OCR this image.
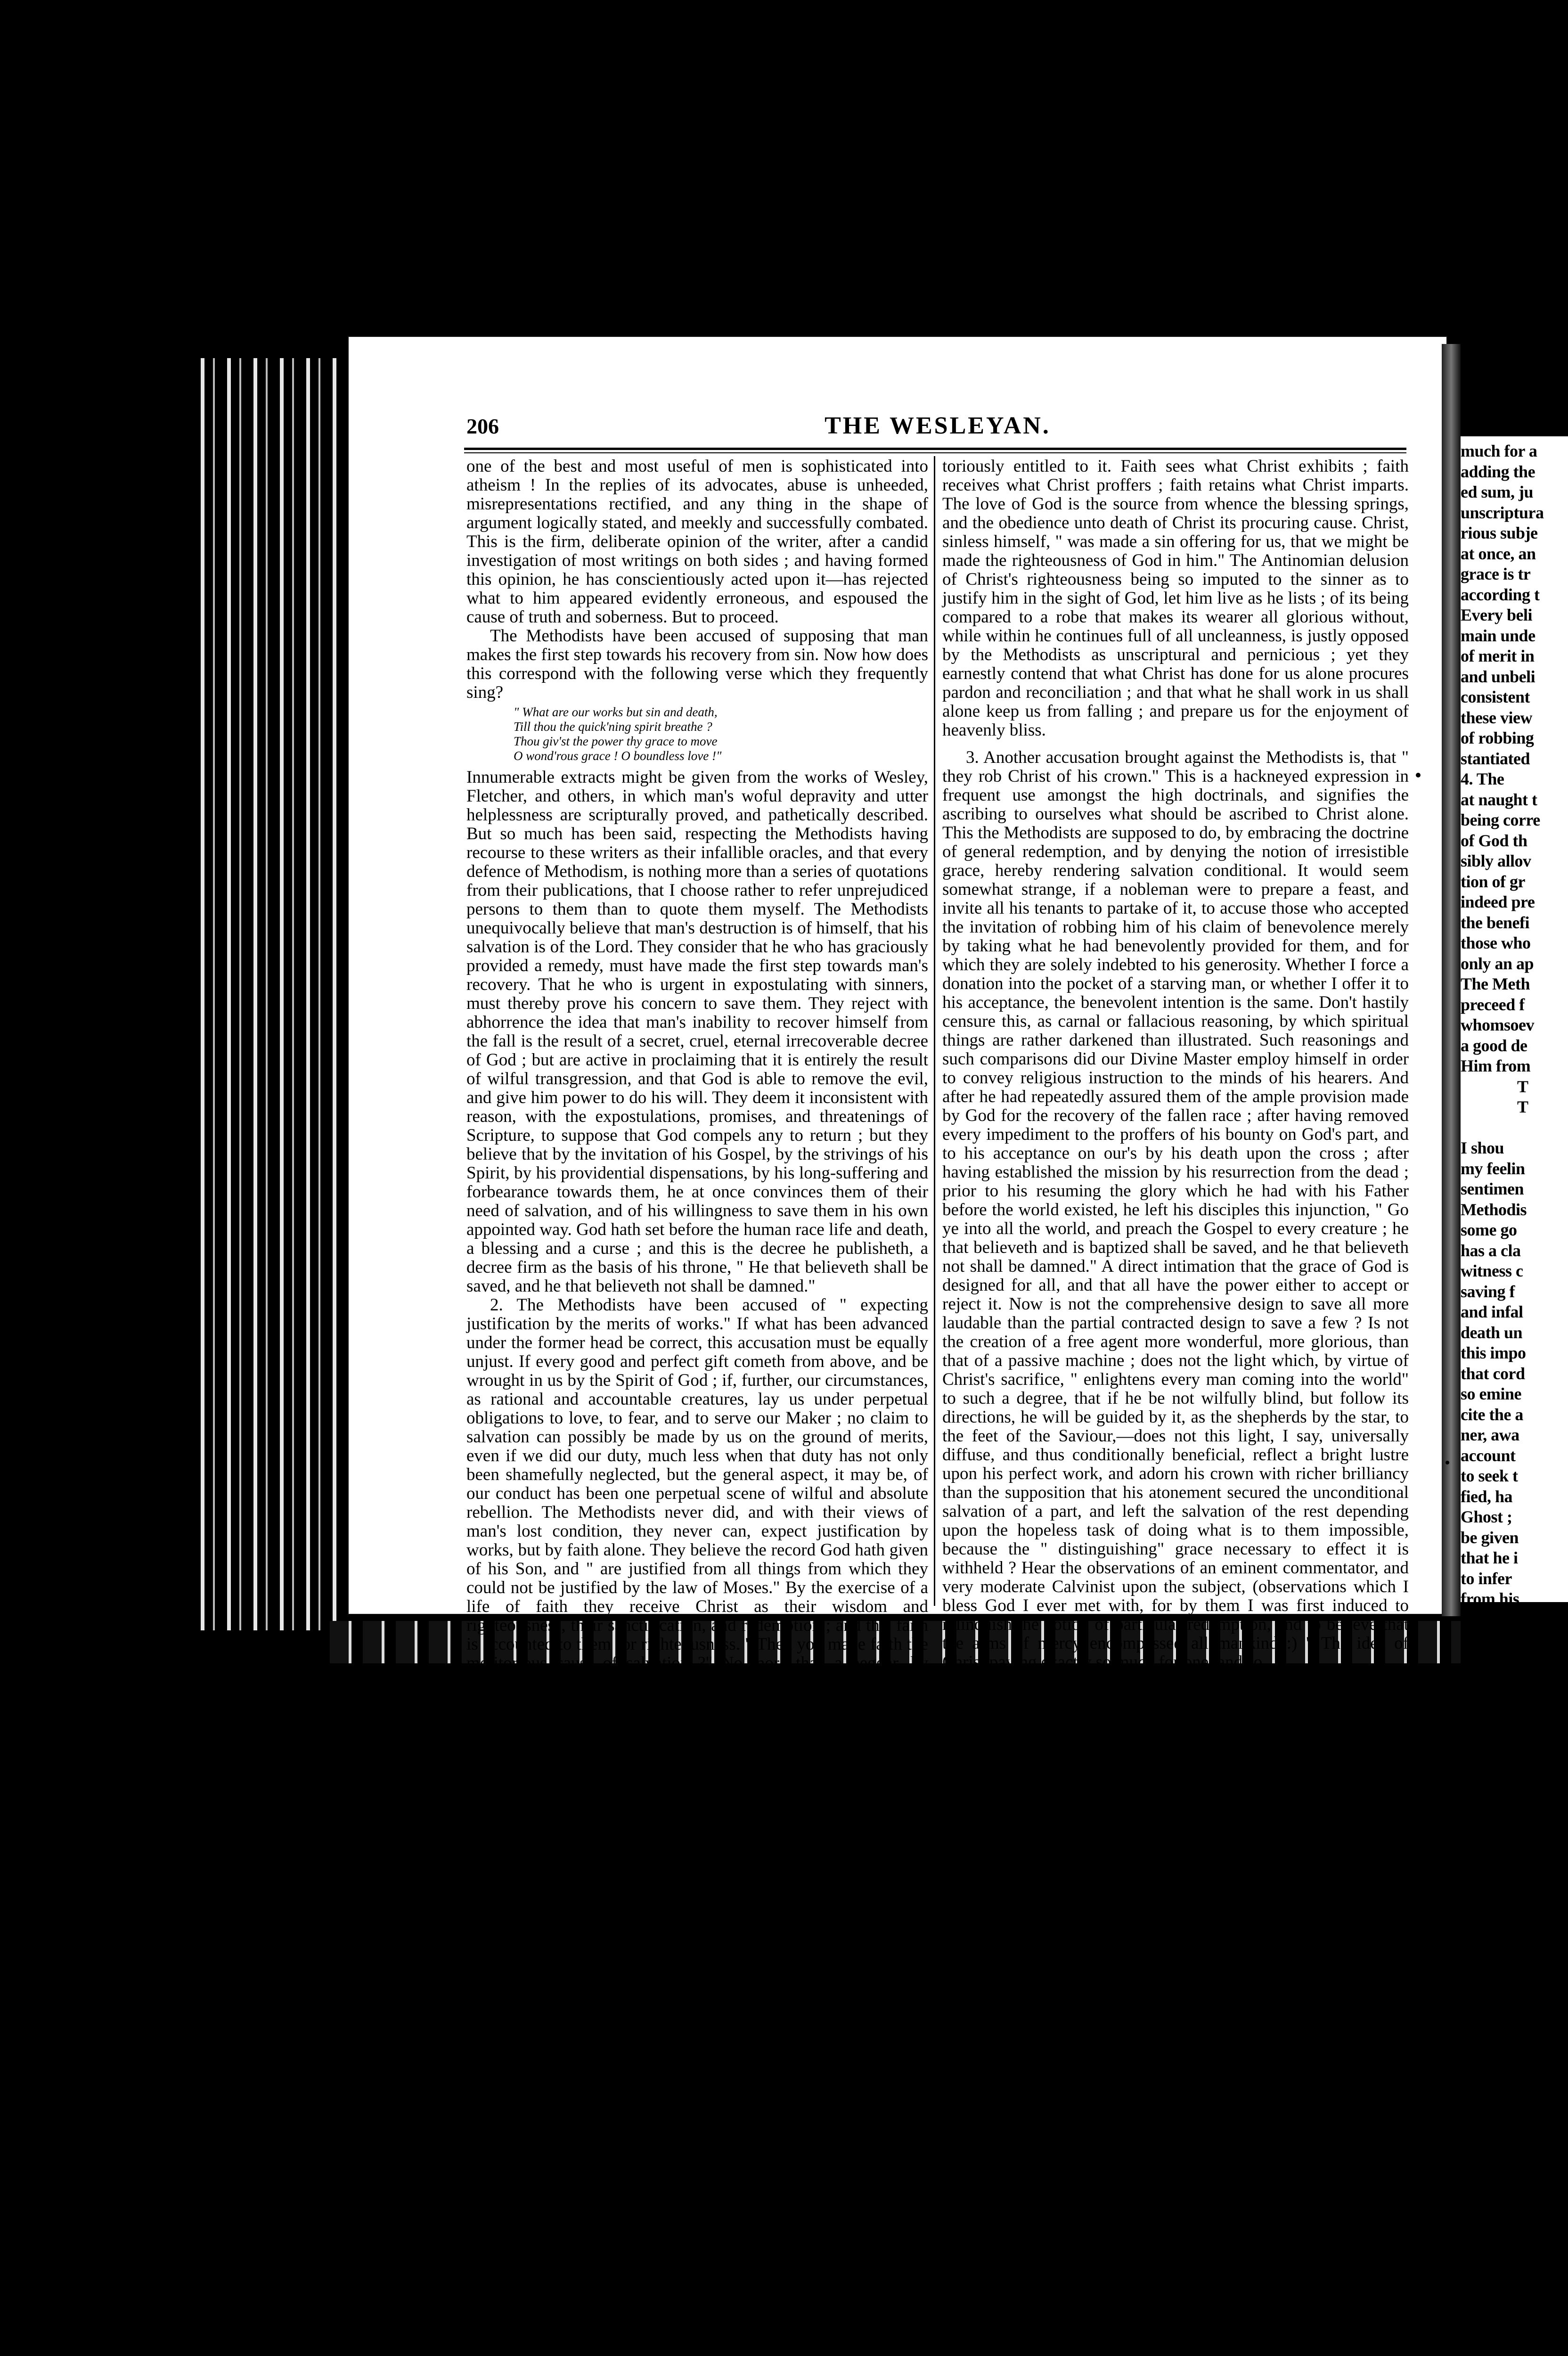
much for a
adding the
ed sum, ju
unscriptura
rious subje
at once, an
grace is tr
according t
Every beli
main unde
of merit in
and unbeli
consistent
these view
of robbing
stantiated
4. The
at naught t
being corre
of God th
sibly allov
tion of gr
indeed pre
the benefi
those who
only an ap
The Meth
preceed f
whomsoev
a good de
Him from
T
T

I shou
my feelin
sentimen
Methodis
some go
has a cla
witness c
saving f
and infal
death un
this impo
that cord
so emine
cite the a
ner, awa
account
to seek t
fied, ha
Ghost ;
be given
that he i
to infer
from his
the Gosp
of the e
sensible
glory be
him. M
effects i
nesses o
posing t
without
5. Th
life the
one inst
derstood
doctrine
suppose
that suc
will ren
perfecti
Christ
and bey
is not t
perfect
206	THE WESLEYAN.

one of the best and most useful of men is sophisticated into atheism ! In the replies of its advocates, abuse is unheeded, misrepresentations rectified, and any thing in the shape of argument logically stated, and meekly and successfully combated. This is the firm, deliberate opinion of the writer, after a candid investigation of most writings on both sides ; and having formed this opinion, he has conscientiously acted upon it—has rejected what to him appeared evidently erroneous, and espoused the cause of truth and soberness. But to proceed.

The Methodists have been accused of supposing that man makes the first step towards his recovery from sin. Now how does this correspond with the following verse which they frequently sing?

" What are our works but sin and death,
Till thou the quick'ning spirit breathe ?
Thou giv'st the power thy grace to move
O wond'rous grace ! O boundless love !"

Innumerable extracts might be given from the works of Wesley, Fletcher, and others, in which man's woful depravity and utter helplessness are scripturally proved, and pathetically described. But so much has been said, respecting the Methodists having recourse to these writers as their infallible oracles, and that every defence of Methodism, is nothing more than a series of quotations from their publications, that I choose rather to refer unprejudiced persons to them than to quote them myself. The Methodists unequivocally believe that man's destruction is of himself, that his salvation is of the Lord. They consider that he who has graciously provided a remedy, must have made the first step towards man's recovery. That he who is urgent in expostulating with sinners, must thereby prove his concern to save them. They reject with abhorrence the idea that man's inability to recover himself from the fall is the result of a secret, cruel, eternal irrecoverable decree of God ; but are active in proclaiming that it is entirely the result of wilful transgression, and that God is able to remove the evil, and give him power to do his will. They deem it inconsistent with reason, with the expostulations, promises, and threatenings of Scripture, to suppose that God compels any to return ; but they believe that by the invitation of his Gospel, by the strivings of his Spirit, by his providential dispensations, by his long-suffering and forbearance towards them, he at once convinces them of their need of salvation, and of his willingness to save them in his own appointed way. God hath set before the human race life and death, a blessing and a curse ; and this is the decree he publisheth, a decree firm as the basis of his throne, " He that believeth shall be saved, and he that believeth not shall be damned."

2. The Methodists have been accused of " expecting justification by the merits of works." If what has been advanced under the former head be correct, this accusation must be equally unjust. If every good and perfect gift cometh from above, and be wrought in us by the Spirit of God ; if, further, our circumstances, as rational and accountable creatures, lay us under perpetual obligations to love, to fear, and to serve our Maker ; no claim to salvation can possibly be made by us on the ground of merits, even if we did our duty, much less when that duty has not only been shamefully neglected, but the general aspect, it may be, of our conduct has been one perpetual scene of wilful and absolute rebellion. The Methodists never did, and with their views of man's lost condition, they never can, expect justification by works, but by faith alone. They believe the record God hath given of his Son, and " are justified from all things from which they could not be justified by the law of Moses." By the exercise of a life of faith they receive Christ as their wisdom and righteousness, their sanctification, and redemption ; and this faith is accounted to them for righteousness. " Then you make faith the meritorious cause of salvation ?" No more than a beggar, by stretching forth his hand to receive your bounty, becomes meri-

toriously entitled to it. Faith sees what Christ exhibits ; faith receives what Christ proffers ; faith retains what Christ imparts. The love of God is the source from whence the blessing springs, and the obedience unto death of Christ its procuring cause. Christ, sinless himself, " was made a sin offering for us, that we might be made the righteousness of God in him." The Antinomian delusion of Christ's righteousness being so imputed to the sinner as to justify him in the sight of God, let him live as he lists ; of its being compared to a robe that makes its wearer all glorious without, while within he continues full of all uncleanness, is justly opposed by the Methodists as unscriptural and pernicious ; yet they earnestly contend that what Christ has done for us alone procures pardon and reconciliation ; and that what he shall work in us shall alone keep us from falling ; and prepare us for the enjoyment of heavenly bliss.

3. Another accusation brought against the Methodists is, that " they rob Christ of his crown." This is a hackneyed expression in frequent use amongst the high doctrinals, and signifies the ascribing to ourselves what should be ascribed to Christ alone. This the Methodists are supposed to do, by embracing the doctrine of general redemption, and by denying the notion of irresistible grace, hereby rendering salvation conditional. It would seem somewhat strange, if a nobleman were to prepare a feast, and invite all his tenants to partake of it, to accuse those who accepted the invitation of robbing him of his claim of benevolence merely by taking what he had benevolently provided for them, and for which they are solely indebted to his generosity. Whether I force a donation into the pocket of a starving man, or whether I offer it to his acceptance, the benevolent intention is the same. Don't hastily censure this, as carnal or fallacious reasoning, by which spiritual things are rather darkened than illustrated. Such reasonings and such comparisons did our Divine Master employ himself in order to convey religious instruction to the minds of his hearers. And after he had repeatedly assured them of the ample provision made by God for the recovery of the fallen race ; after having removed every impediment to the proffers of his bounty on God's part, and to his acceptance on our's by his death upon the cross ; after having established the mission by his resurrection from the dead ; prior to his resuming the glory which he had with his Father before the world existed, he left his disciples this injunction, " Go ye into all the world, and preach the Gospel to every creature ; he that believeth and is baptized shall be saved, and he that believeth not shall be damned." A direct intimation that the grace of God is designed for all, and that all have the power either to accept or reject it. Now is not the comprehensive design to save all more laudable than the partial contracted design to save a few ? Is not the creation of a free agent more wonderful, more glorious, than that of a passive machine ; does not the light which, by virtue of Christ's sacrifice, " enlightens every man coming into the world" to such a degree, that if he be not wilfully blind, but follow its directions, he will be guided by it, as the shepherds by the star, to the feet of the Saviour,—does not this light, I say, universally diffuse, and thus conditionally beneficial, reflect a bright lustre upon his perfect work, and adorn his crown with richer brilliancy than the supposition that his atonement secured the unconditional salvation of a part, and left the salvation of the rest depending upon the hopeless task of doing what is to them impossible, because the " distinguishing" grace necessary to effect it is withheld ? Hear the observations of an eminent commentator, and very moderate Calvinist upon the subject, (observations which I bless God I ever met with, for by them I was first induced to relinquish the notion of particular redemption, and to believe that the arms of mercy encompassed all mankind :) " The idea of Christ paying exactly so much for one, and so
